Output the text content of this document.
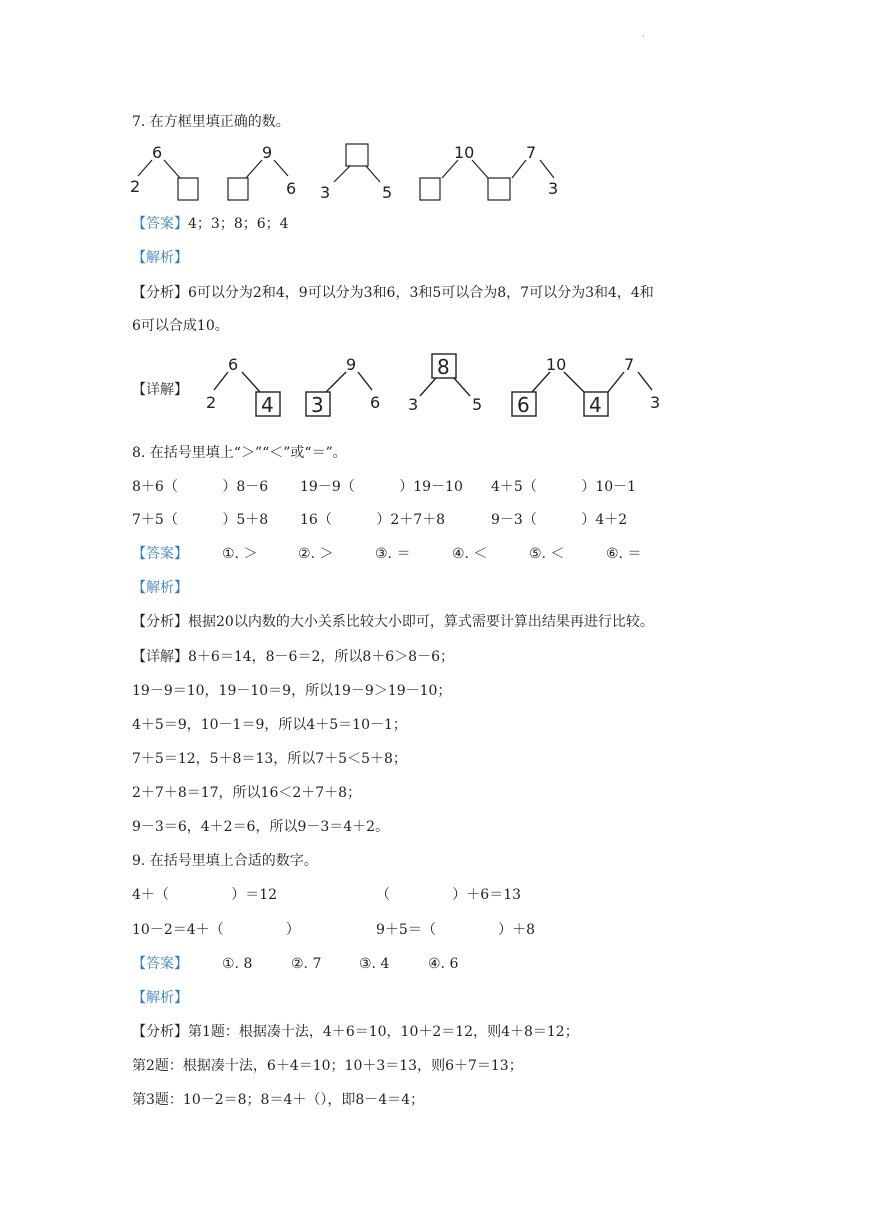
·
7. 在方框里填正确的数。
6
2
9
6 3	5
10	7
3
【答案】4；3；8；6；4
【解析】
【分析】6可以分为2和4，9可以分为3和6，3和5可以合为8，7可以分为3和4，4和
6可以合成10。
【详解】
6
2 4
9
3	6
8
3	5
10	7
6	4	3
8. 在括号里填上“＞”“＜”或“＝”。
8＋6（          ）8－6 19－9（          ）19－10 4＋5（          ）10－1
7＋5（          ）5＋8 16（          ）2＋7＋8	9－3（          ）4＋2
【答案】 ①. ＞	②. ＞	③. ＝	④. ＜	⑤. ＜	⑥. ＝
【解析】
【分析】根据20以内数的大小关系比较大小即可，算式需要计算出结果再进行比较。
【详解】8＋6＝14，8－6＝2，所以8＋6＞8－6；
19－9＝10，19－10＝9，所以19－9＞19－10；
4＋5＝9，10－1＝9，所以4＋5＝10－1；
7＋5＝12，5＋8＝13，所以7＋5＜5＋8；
2＋7＋8＝17，所以16＜2＋7＋8；
9－3＝6，4＋2＝6，所以9－3＝4＋2。
9. 在括号里填上合适的数字。
4＋（              ）＝12	（              ）＋6＝13
10－2＝4＋（              ）	9＋5＝（              ）＋8
【答案】 ①. 8	②. 7	③. 4	④. 6
【解析】
【分析】第1题：根据凑十法，4＋6＝10，10＋2＝12，则4＋8＝12；
第2题：根据凑十法，6＋4＝10；10＋3＝13，则6＋7＝13；
第3题：10－2＝8；8＝4＋（），即8－4＝4；
